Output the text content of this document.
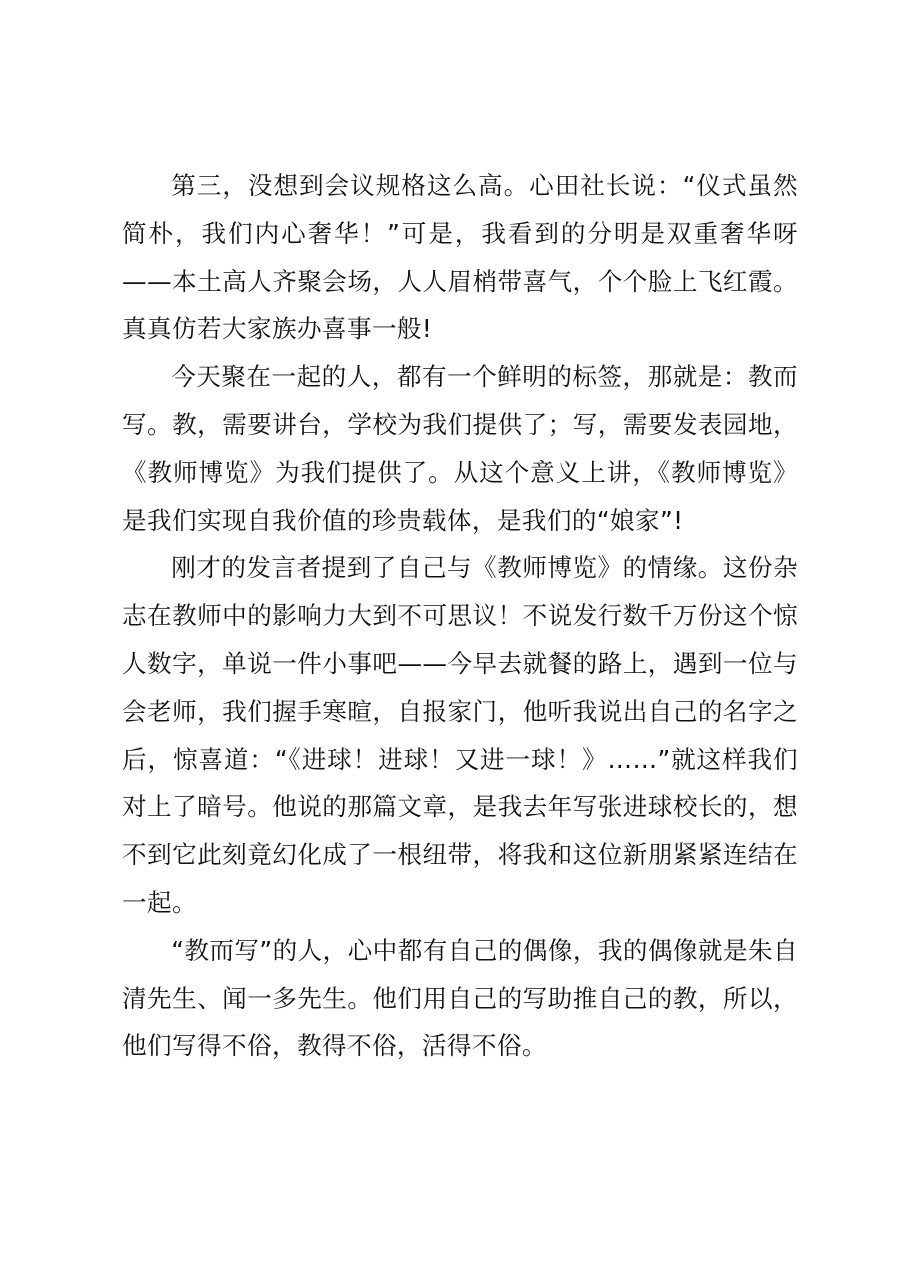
第三，没想到会议规格这么高。心田社长说：“仪式虽然简朴，我们内心奢华！”可是，我看到的分明是双重奢华呀——本土高人齐聚会场，人人眉梢带喜气，个个脸上飞红霞。真真仿若大家族办喜事一般!

今天聚在一起的人，都有一个鲜明的标签，那就是：教而写。教，需要讲台，学校为我们提供了；写，需要发表园地，《教师博览》为我们提供了。从这个意义上讲，《教师博览》是我们实现自我价值的珍贵载体，是我们的“娘家”!

刚才的发言者提到了自己与《教师博览》的情缘。这份杂志在教师中的影响力大到不可思议！不说发行数千万份这个惊人数字，单说一件小事吧——今早去就餐的路上，遇到一位与会老师，我们握手寒暄，自报家门，他听我说出自己的名字之后，惊喜道：“《进球！进球！又进一球！》……”就这样我们对上了暗号。他说的那篇文章，是我去年写张进球校长的，想不到它此刻竟幻化成了一根纽带，将我和这位新朋紧紧连结在一起。

“教而写”的人，心中都有自己的偶像，我的偶像就是朱自清先生、闻一多先生。他们用自己的写助推自己的教，所以，他们写得不俗，教得不俗，活得不俗。
